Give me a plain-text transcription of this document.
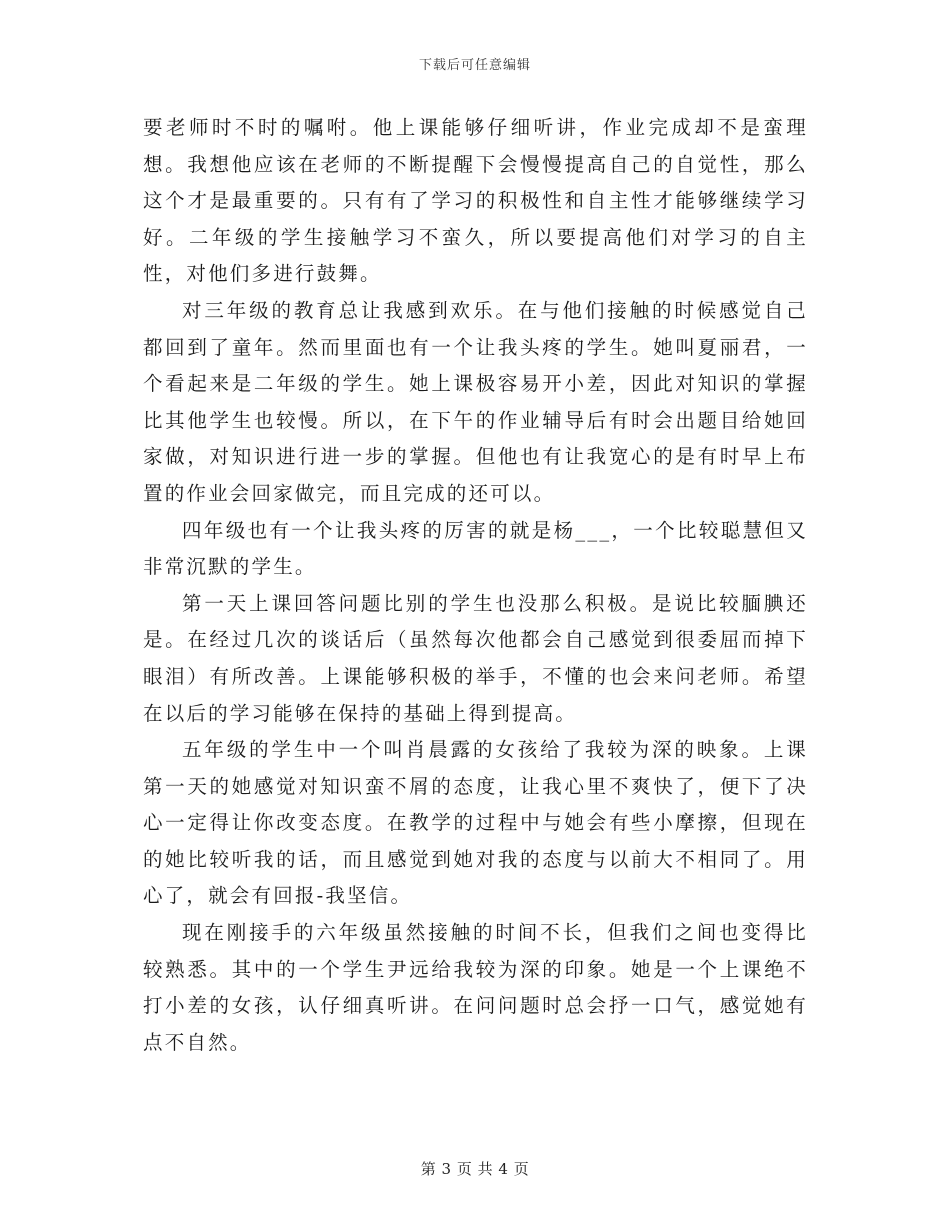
下载后可任意编辑

要老师时不时的嘱咐。他上课能够仔细听讲，作业完成却不是蛮理想。我想他应该在老师的不断提醒下会慢慢提高自己的自觉性，那么这个才是最重要的。只有有了学习的积极性和自主性才能够继续学习好。二年级的学生接触学习不蛮久，所以要提高他们对学习的自主性，对他们多进行鼓舞。

对三年级的教育总让我感到欢乐。在与他们接触的时候感觉自己都回到了童年。然而里面也有一个让我头疼的学生。她叫夏丽君，一个看起来是二年级的学生。她上课极容易开小差，因此对知识的掌握比其他学生也较慢。所以，在下午的作业辅导后有时会出题目给她回家做，对知识进行进一步的掌握。但他也有让我宽心的是有时早上布置的作业会回家做完，而且完成的还可以。

四年级也有一个让我头疼的厉害的就是杨___，一个比较聪慧但又非常沉默的学生。

第一天上课回答问题比别的学生也没那么积极。是说比较腼腆还是。在经过几次的谈话后（虽然每次他都会自己感觉到很委屈而掉下眼泪）有所改善。上课能够积极的举手，不懂的也会来问老师。希望在以后的学习能够在保持的基础上得到提高。

五年级的学生中一个叫肖晨露的女孩给了我较为深的映象。上课第一天的她感觉对知识蛮不屑的态度，让我心里不爽快了，便下了决心一定得让你改变态度。在教学的过程中与她会有些小摩擦，但现在的她比较听我的话，而且感觉到她对我的态度与以前大不相同了。用心了，就会有回报-我坚信。

现在刚接手的六年级虽然接触的时间不长，但我们之间也变得比较熟悉。其中的一个学生尹远给我较为深的印象。她是一个上课绝不打小差的女孩，认仔细真听讲。在问问题时总会抒一口气，感觉她有点不自然。

第 3 页 共 4 页
